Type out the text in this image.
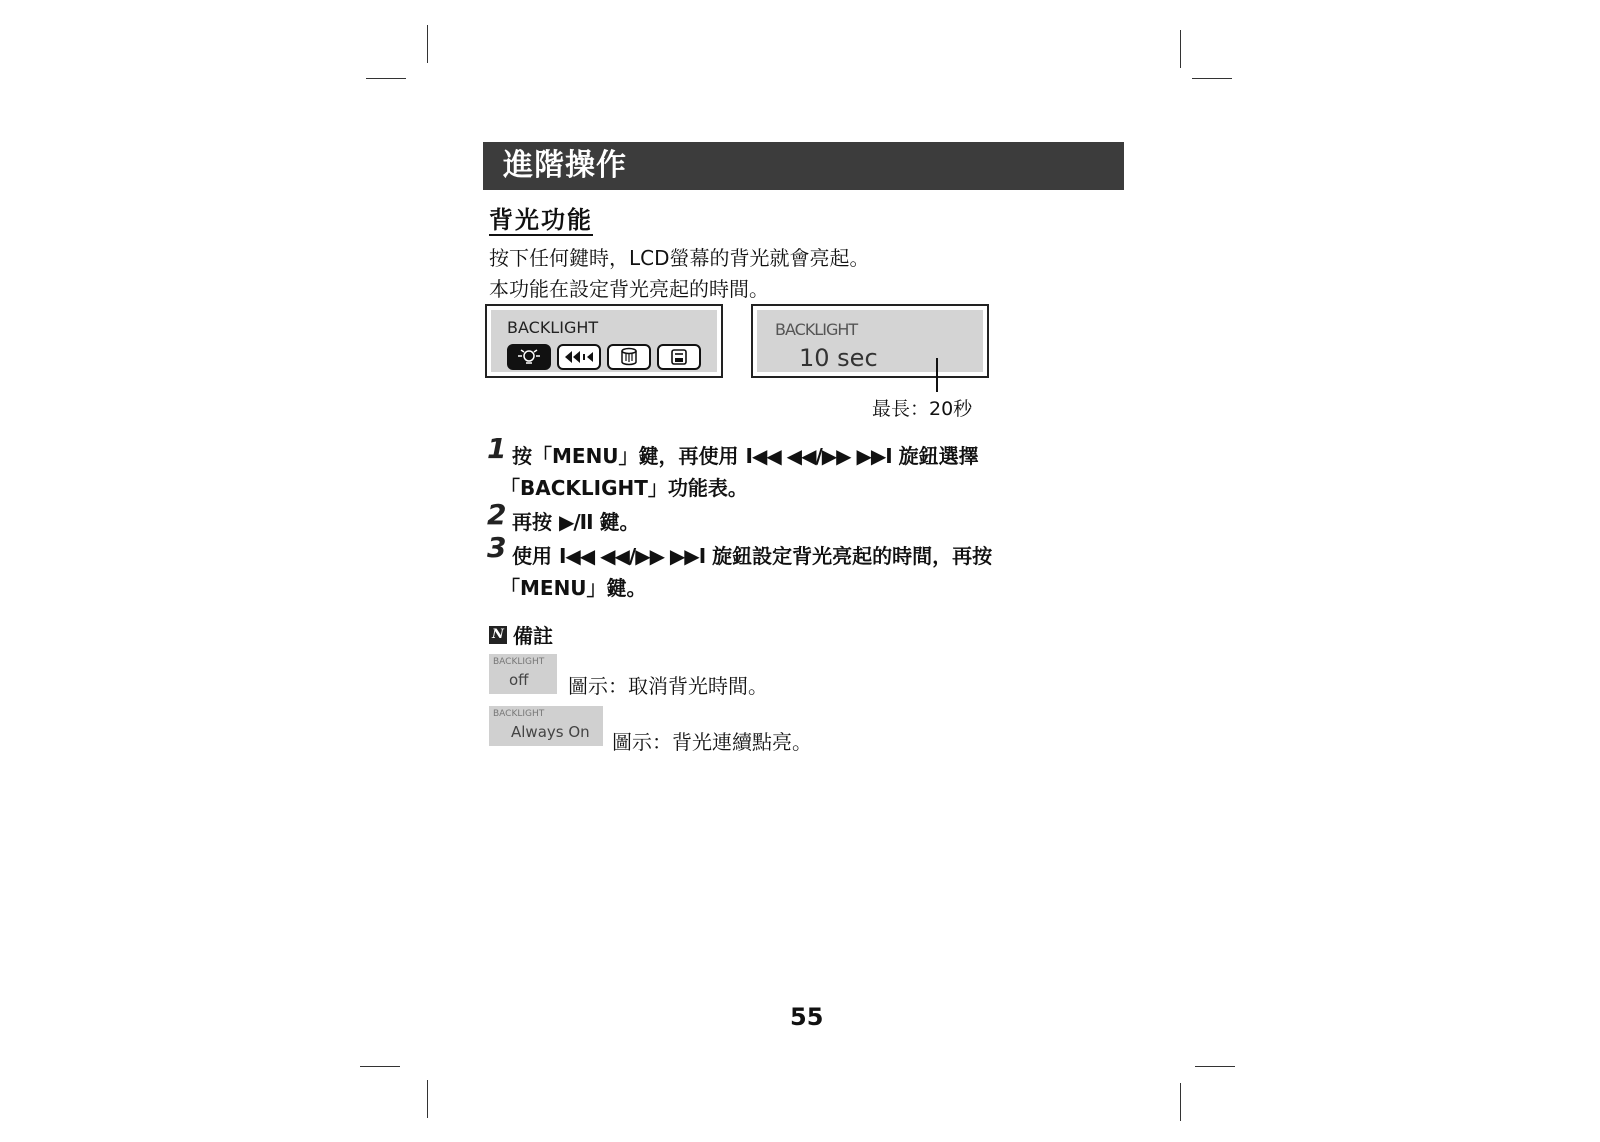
進階操作
背光功能
按下任何鍵時，LCD螢幕的背光就會亮起。
本功能在設定背光亮起的時間。
BACKLIGHT	BACKLIGHT
10 sec
最長：20秒
1 按「MENU」鍵，再使用 I◀◀ ◀◀/▶▶ ▶▶I 旋鈕選擇
「BACKLIGHT」功能表。
2 再按 ▶/II 鍵。
3 使用 I◀◀ ◀◀/▶▶ ▶▶I 旋鈕設定背光亮起的時間，再按
「MENU」鍵。
N 備註
BACKLIGHT
off 圖示：取消背光時間。
BACKLIGHT
Always On 圖示：背光連續點亮。
55
